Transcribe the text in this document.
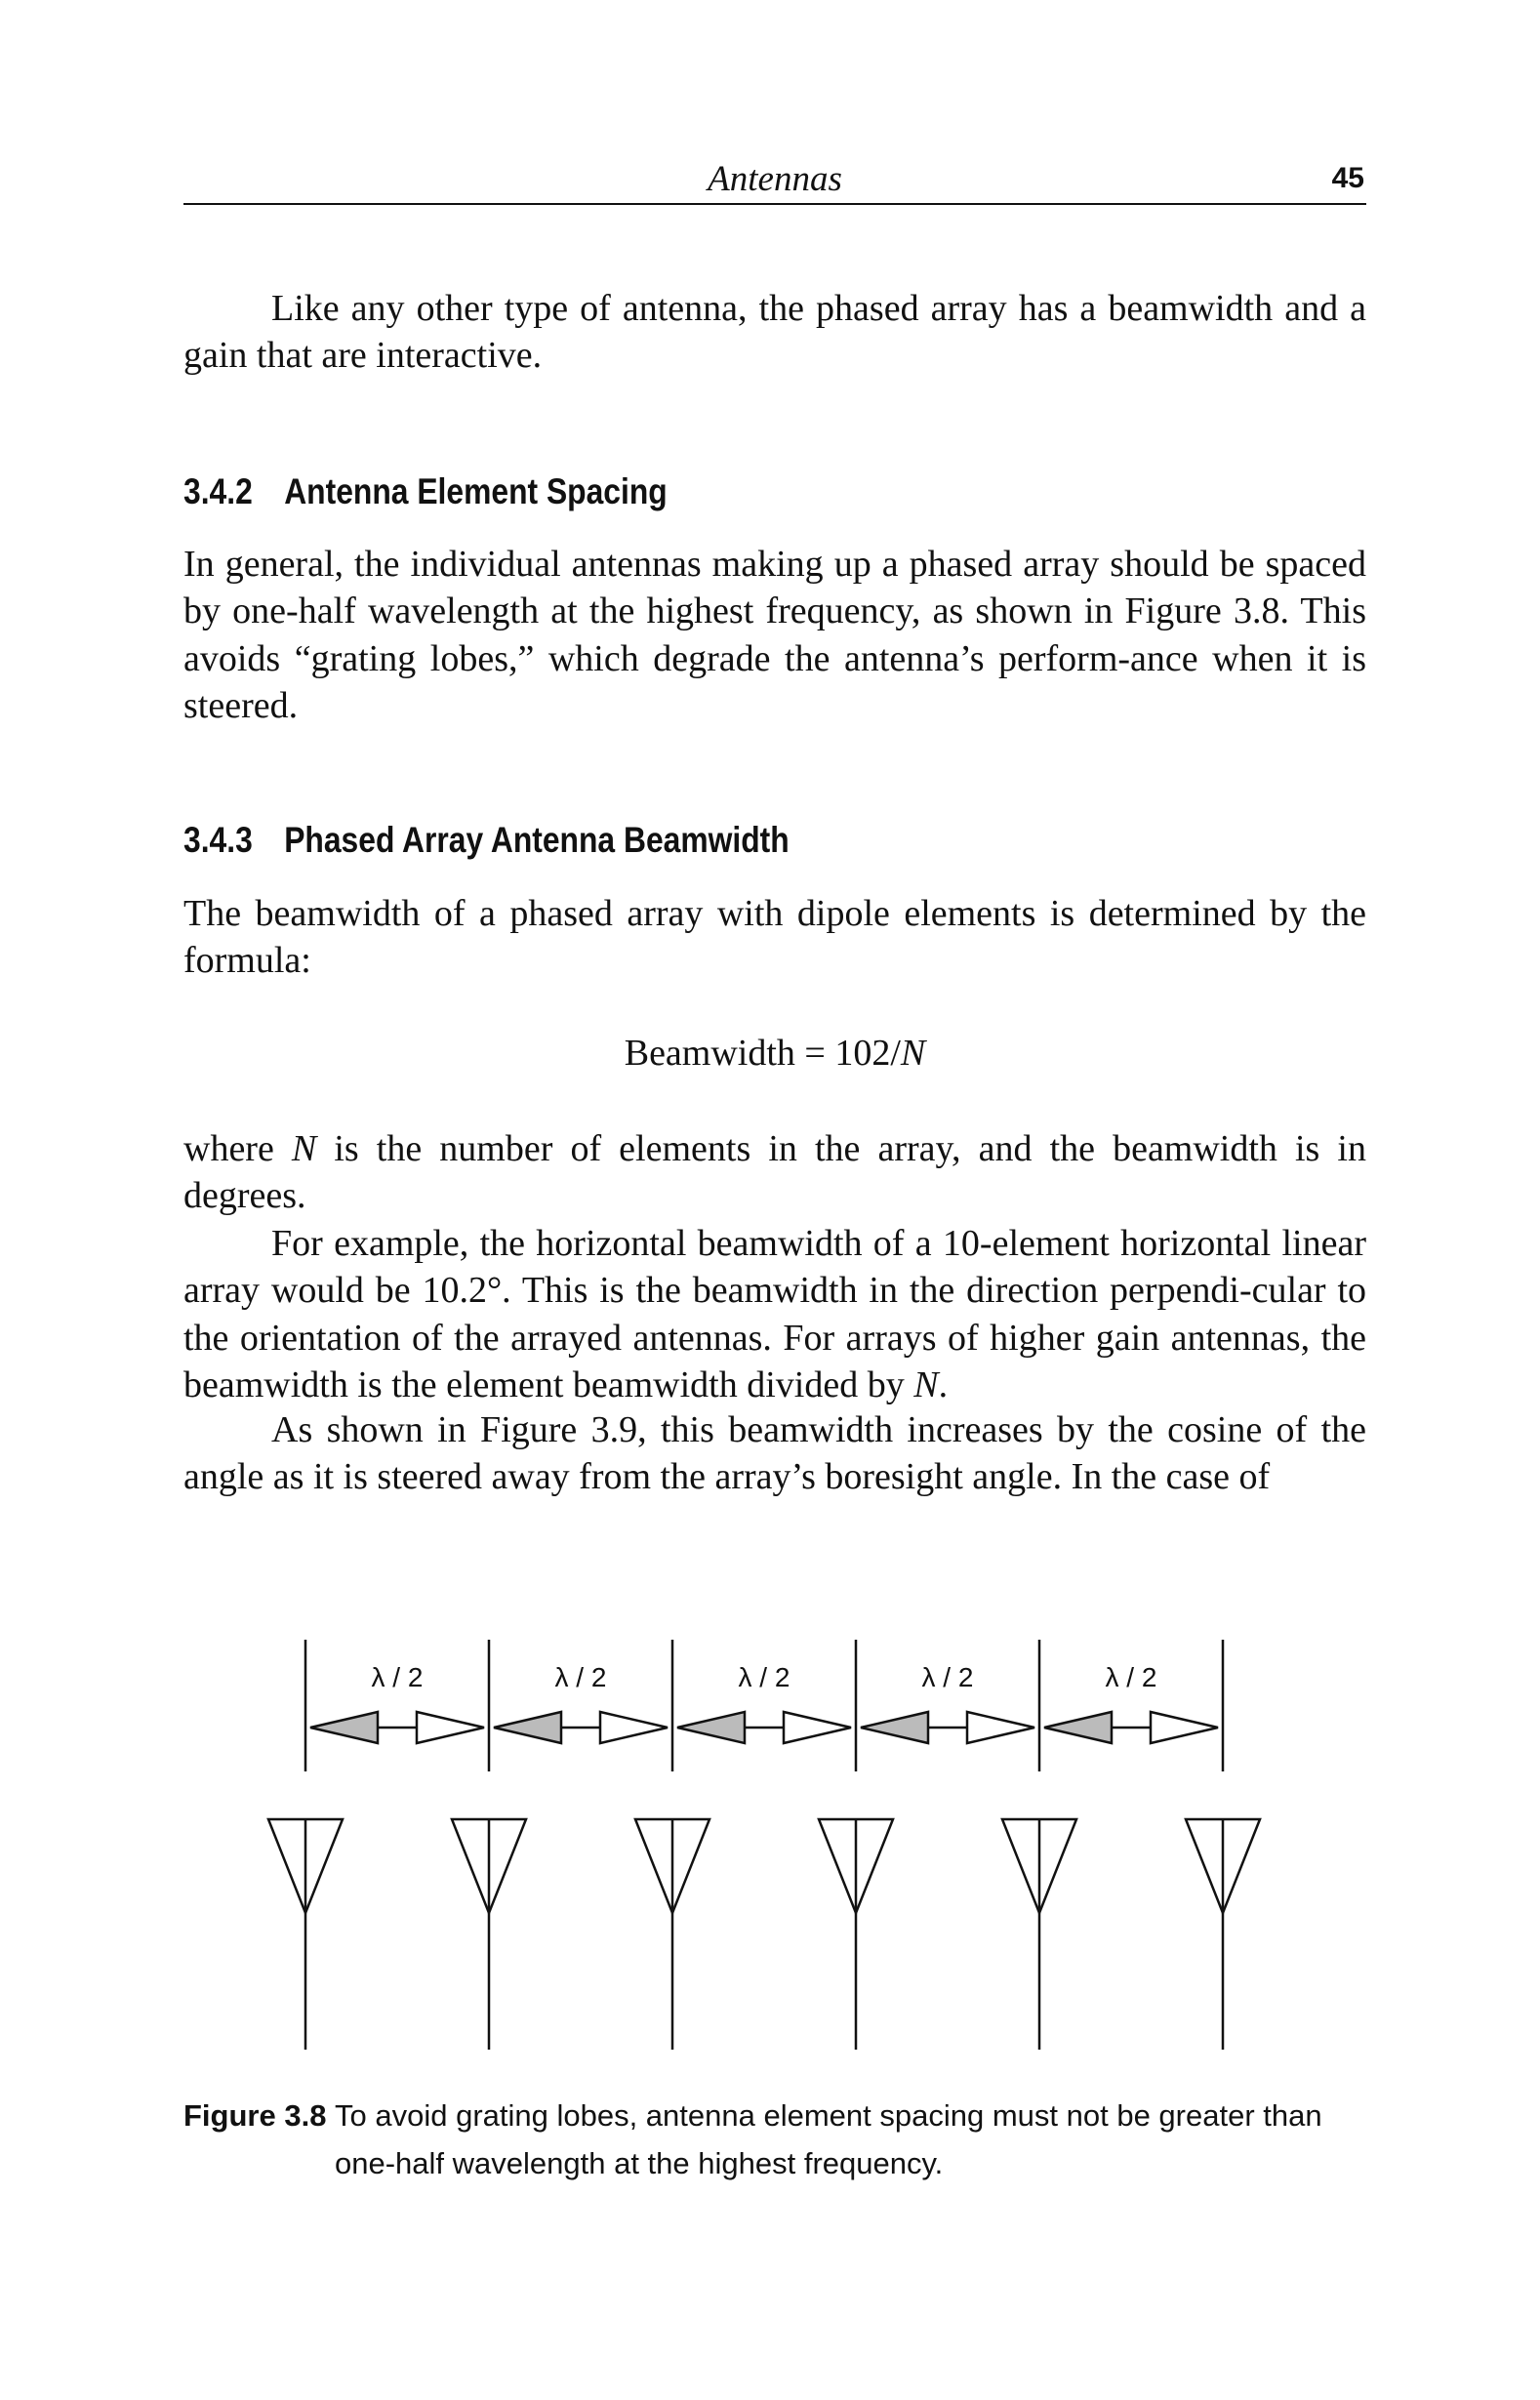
Antennas	45

Like any other type of antenna, the phased array has a beamwidth and a gain that are interactive.

3.4.2 Antenna Element Spacing

In general, the individual antennas making up a phased array should be spaced by one-half wavelength at the highest frequency, as shown in Figure 3.8. This avoids “grating lobes,” which degrade the antenna’s perform-ance when it is steered.

3.4.3 Phased Array Antenna Beamwidth

The beamwidth of a phased array with dipole elements is determined by the formula:

Beamwidth = 102/N

where N is the number of elements in the array, and the beamwidth is in degrees.

For example, the horizontal beamwidth of a 10-element horizontal linear array would be 10.2°. This is the beamwidth in the direction perpendi-cular to the orientation of the arrayed antennas. For arrays of higher gain antennas, the beamwidth is the element beamwidth divided by N.

As shown in Figure 3.9, this beamwidth increases by the cosine of the angle as it is steered away from the array’s boresight angle. In the case of

λ / 2	λ / 2	λ / 2	λ / 2	λ / 2
Figure 3.8 To avoid grating lobes, antenna element spacing must not be greater than one-half wavelength at the highest frequency.
